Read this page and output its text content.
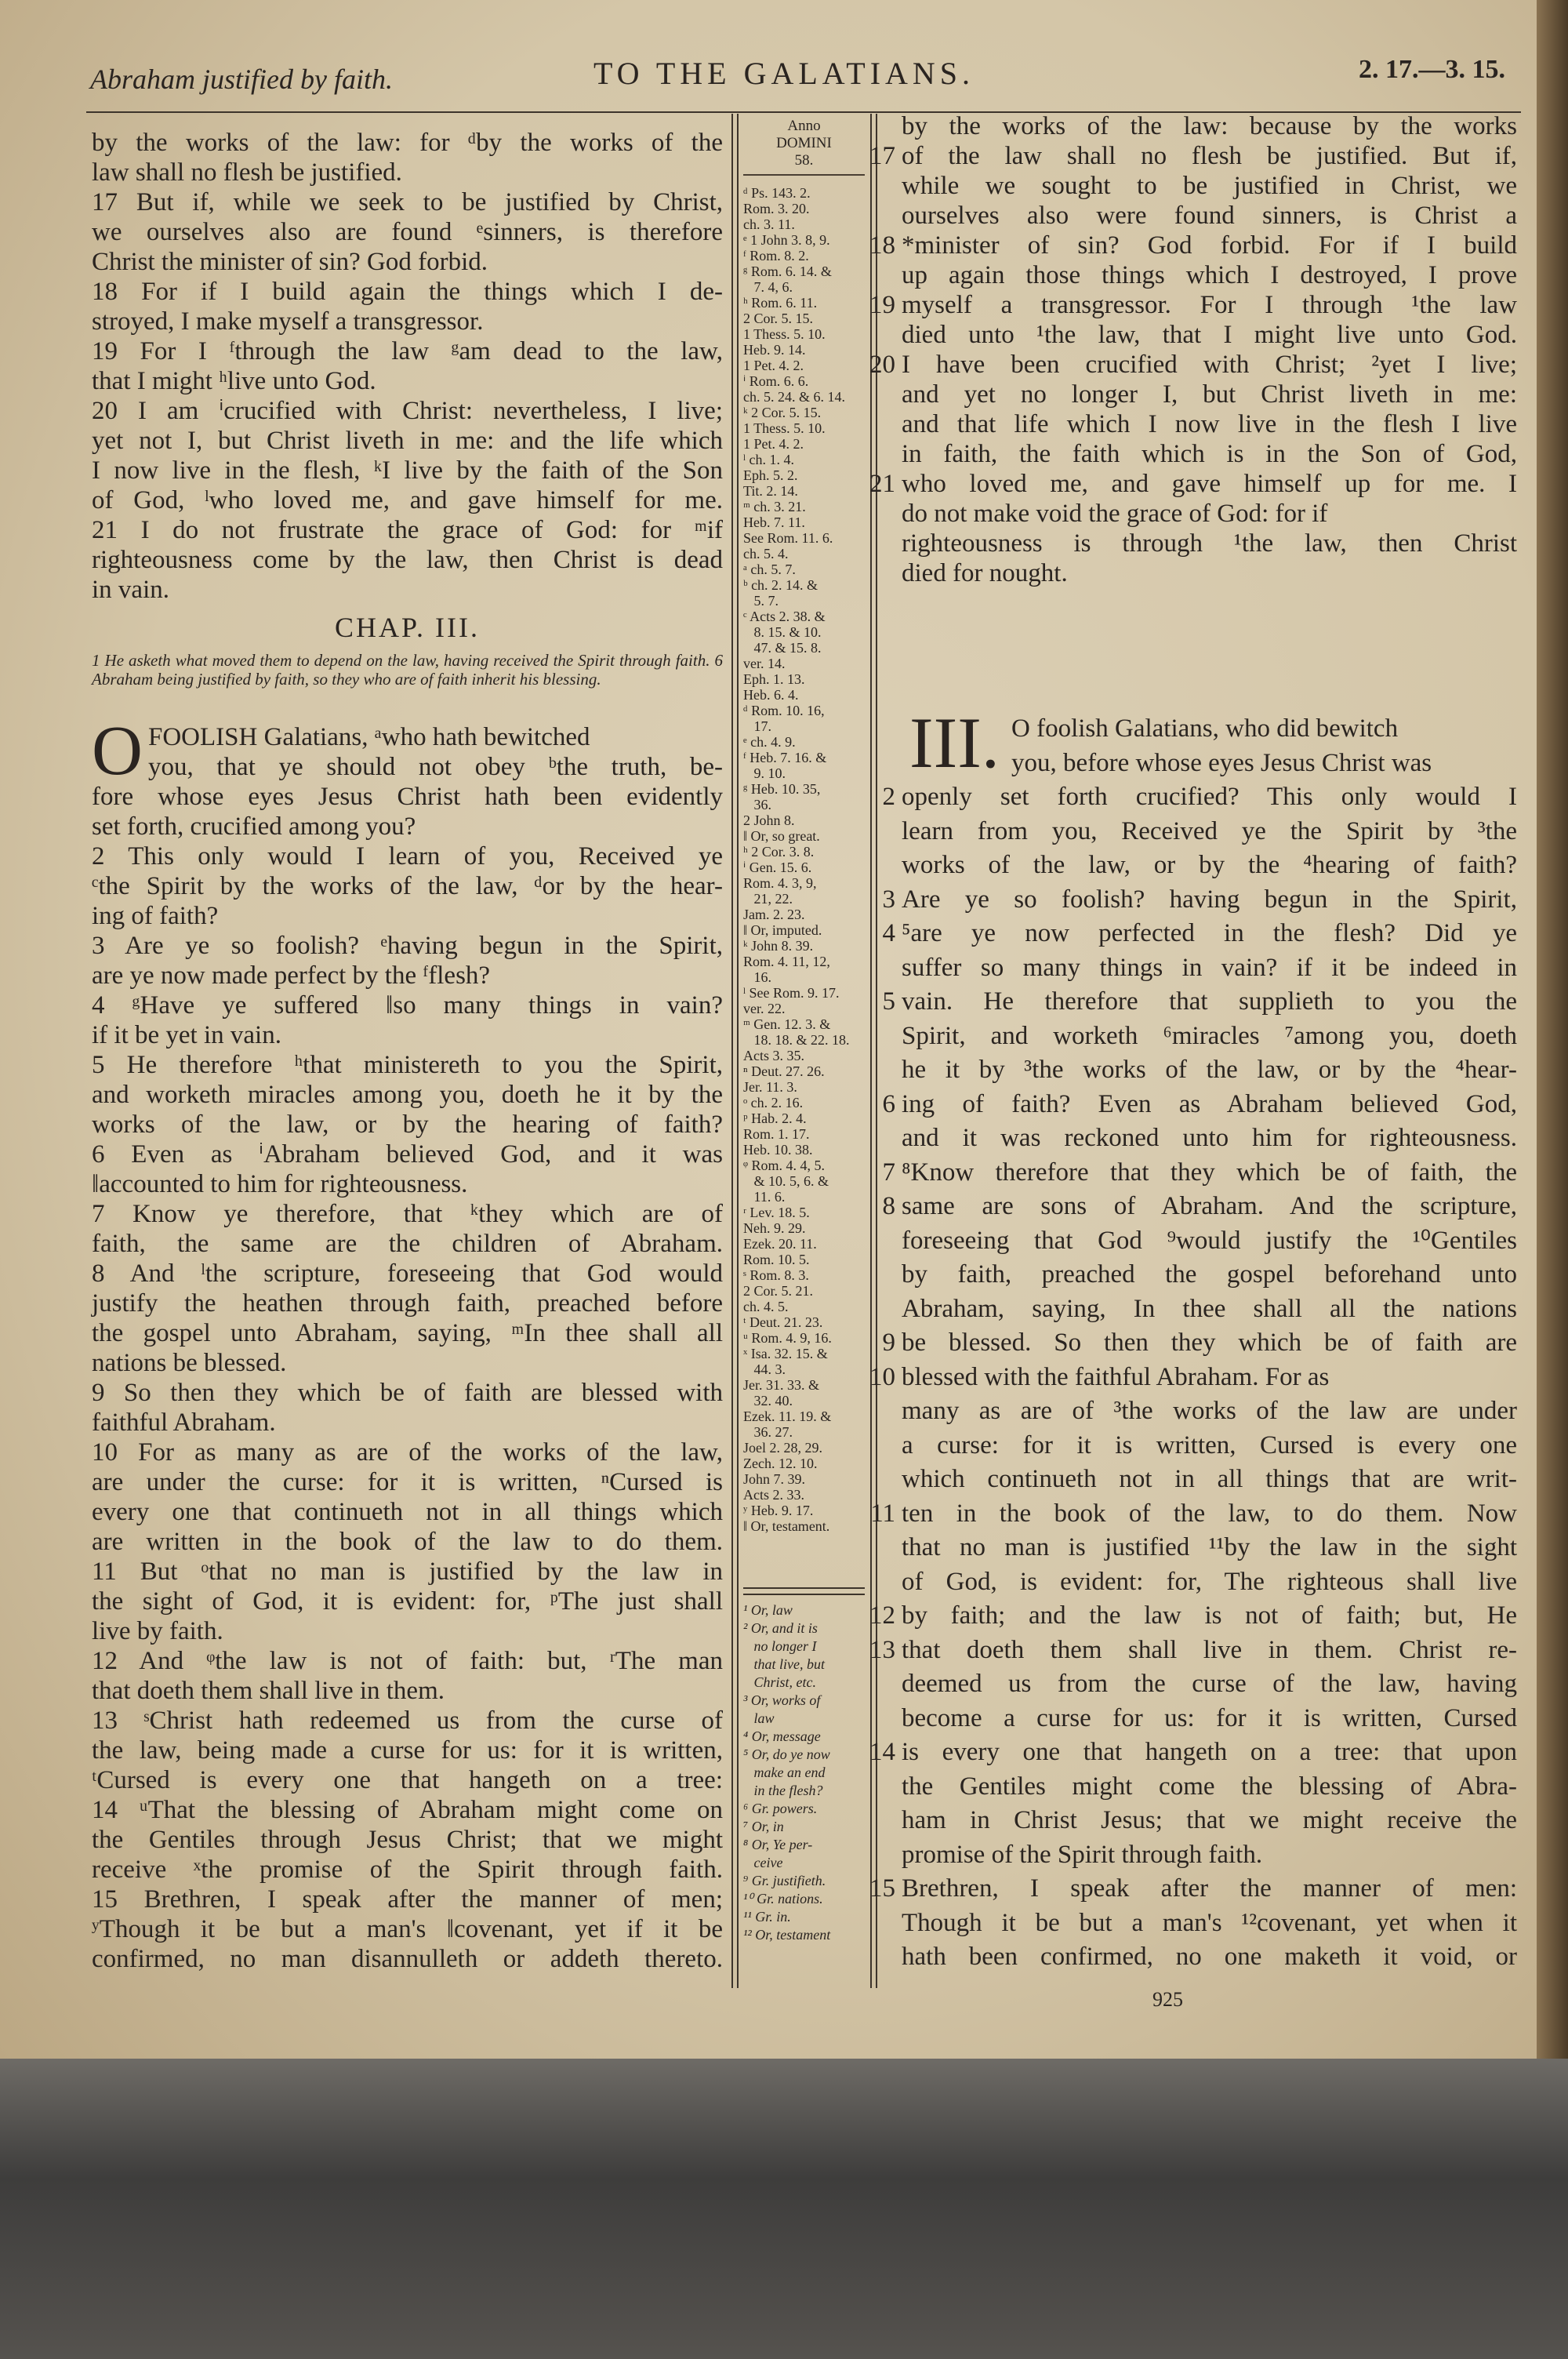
Abraham justified by faith.	TO THE GALATIANS.	2. 17.—3. 15.
by the works of the law: for ᵈby the works of the
law shall no flesh be justified.
17 But if, while we seek to be justified by Christ,
we ourselves also are found ᵉsinners, is therefore
Christ the minister of sin? God forbid.
18 For if I build again the things which I de-
stroyed, I make myself a transgressor.
19 For I ᶠthrough the law ᵍam dead to the law,
that I might ʰlive unto God.
20 I am ⁱcrucified with Christ: nevertheless, I live;
yet not I, but Christ liveth in me: and the life which
I now live in the flesh, ᵏI live by the faith of the Son
of God, ˡwho loved me, and gave himself for me.
21 I do not frustrate the grace of God: for ᵐif
righteousness come by the law, then Christ is dead
in vain.
CHAP. III.
1 He asketh what moved them to depend on the law, having received the Spirit through faith. 6 Abraham being justified by faith, so they who are of faith inherit his blessing.
O FOOLISH Galatians, ᵃwho hath bewitched
you, that ye should not obey ᵇthe truth, be-
fore whose eyes Jesus Christ hath been evidently
set forth, crucified among you?
2 This only would I learn of you, Received ye
ᶜthe Spirit by the works of the law, ᵈor by the hear-
ing of faith?
3 Are ye so foolish? ᵉhaving begun in the Spirit,
are ye now made perfect by the ᶠflesh?
4 ᵍHave ye suffered ‖so many things in vain?
if it be yet in vain.
5 He therefore ʰthat ministereth to you the Spirit,
and worketh miracles among you, doeth he it by the
works of the law, or by the hearing of faith?
6 Even as ⁱAbraham believed God, and it was
‖accounted to him for righteousness.
7 Know ye therefore, that ᵏthey which are of
faith, the same are the children of Abraham.
8 And ˡthe scripture, foreseeing that God would
justify the heathen through faith, preached before
the gospel unto Abraham, saying, ᵐIn thee shall all
nations be blessed.
9 So then they which be of faith are blessed with
faithful Abraham.
10 For as many as are of the works of the law,
are under the curse: for it is written, ⁿCursed is
every one that continueth not in all things which
are written in the book of the law to do them.
11 But ᵒthat no man is justified by the law in
the sight of God, it is evident: for, ᵖThe just shall
live by faith.
12 And ᵠthe law is not of faith: but, ʳThe man
that doeth them shall live in them.
13 ˢChrist hath redeemed us from the curse of
the law, being made a curse for us: for it is written,
ᵗCursed is every one that hangeth on a tree:
14 ᵘThat the blessing of Abraham might come on
the Gentiles through Jesus Christ; that we might
receive ˣthe promise of the Spirit through faith.
15 Brethren, I speak after the manner of men;
ʸThough it be but a man's ‖covenant, yet if it be
confirmed, no man disannulleth or addeth thereto.
Anno
DOMINI
58.
ᵈ Ps. 143. 2.
Rom. 3. 20.
ch. 3. 11.
ᵉ 1 John 3. 8, 9.
ᶠ Rom. 8. 2.
ᵍ Rom. 6. 14. &
7. 4, 6.
ʰ Rom. 6. 11.
2 Cor. 5. 15.
1 Thess. 5. 10.
Heb. 9. 14.
1 Pet. 4. 2.
ⁱ Rom. 6. 6.
ch. 5. 24. & 6. 14.
ᵏ 2 Cor. 5. 15.
1 Thess. 5. 10.
1 Pet. 4. 2.
ˡ ch. 1. 4.
Eph. 5. 2.
Tit. 2. 14.
ᵐ ch. 3. 21.
Heb. 7. 11.
See Rom. 11. 6.
ch. 5. 4.
ᵃ ch. 5. 7.
ᵇ ch. 2. 14. &
5. 7.
ᶜ Acts 2. 38. &
8. 15. & 10.
47. & 15. 8.
ver. 14.
Eph. 1. 13.
Heb. 6. 4.
ᵈ Rom. 10. 16,
17.
ᵉ ch. 4. 9.
ᶠ Heb. 7. 16. &
9. 10.
ᵍ Heb. 10. 35,
36.
2 John 8.
‖ Or, so great.
ʰ 2 Cor. 3. 8.
ⁱ Gen. 15. 6.
Rom. 4. 3, 9,
21, 22.
Jam. 2. 23.
‖ Or, imputed.
ᵏ John 8. 39.
Rom. 4. 11, 12,
16.
ˡ See Rom. 9. 17.
ver. 22.
ᵐ Gen. 12. 3. &
18. 18. & 22. 18.
Acts 3. 35.
ⁿ Deut. 27. 26.
Jer. 11. 3.
ᵒ ch. 2. 16.
ᵖ Hab. 2. 4.
Rom. 1. 17.
Heb. 10. 38.
ᵠ Rom. 4. 4, 5.
& 10. 5, 6. &
11. 6.
ʳ Lev. 18. 5.
Neh. 9. 29.
Ezek. 20. 11.
Rom. 10. 5.
ˢ Rom. 8. 3.
2 Cor. 5. 21.
ch. 4. 5.
ᵗ Deut. 21. 23.
ᵘ Rom. 4. 9, 16.
ˣ Isa. 32. 15. &
44. 3.
Jer. 31. 33. &
32. 40.
Ezek. 11. 19. &
36. 27.
Joel 2. 28, 29.
Zech. 12. 10.
John 7. 39.
Acts 2. 33.
ʸ Heb. 9. 17.
‖ Or, testament.
¹ Or, law
² Or, and it is
no longer I
that live, but
Christ, etc.
³ Or, works of
law
⁴ Or, message
⁵ Or, do ye now
make an end
in the flesh?
⁶ Gr. powers.
⁷ Or, in
⁸ Or, Ye per-
ceive
⁹ Gr. justifieth.
¹⁰ Gr. nations.
¹¹ Gr. in.
¹² Or, testament
by the works of the law: because by the works
17 of the law shall no flesh be justified. But if,
while we sought to be justified in Christ, we
ourselves also were found sinners, is Christ a
18 *minister of sin? God forbid. For if I build
up again those things which I destroyed, I prove
19 myself a transgressor. For I through ¹the law
died unto ¹the law, that I might live unto God.
20 I have been crucified with Christ; ²yet I live;
and yet no longer I, but Christ liveth in me:
and that life which I now live in the flesh I live
in faith, the faith which is in the Son of God,
21 who loved me, and gave himself up for me. I
do not make void the grace of God: for if
righteousness is through ¹the law, then Christ
died for nought.
III. O foolish Galatians, who did bewitch
you, before whose eyes Jesus Christ was
2 openly set forth crucified? This only would I
learn from you, Received ye the Spirit by ³the
works of the law, or by the ⁴hearing of faith?
3 Are ye so foolish? having begun in the Spirit,
4 ⁵are ye now perfected in the flesh? Did ye
suffer so many things in vain? if it be indeed in
5 vain. He therefore that supplieth to you the
Spirit, and worketh ⁶miracles ⁷among you, doeth
he it by ³the works of the law, or by the ⁴hear-
6 ing of faith? Even as Abraham believed God,
and it was reckoned unto him for righteousness.
7 ⁸Know therefore that they which be of faith, the
8 same are sons of Abraham. And the scripture,
foreseeing that God ⁹would justify the ¹⁰Gentiles
by faith, preached the gospel beforehand unto
Abraham, saying, In thee shall all the nations
9 be blessed. So then they which be of faith are
10 blessed with the faithful Abraham. For as
many as are of ³the works of the law are under
a curse: for it is written, Cursed is every one
which continueth not in all things that are writ-
11 ten in the book of the law, to do them. Now
that no man is justified ¹¹by the law in the sight
of God, is evident: for, The righteous shall live
12 by faith; and the law is not of faith; but, He
13 that doeth them shall live in them. Christ re-
deemed us from the curse of the law, having
become a curse for us: for it is written, Cursed
14 is every one that hangeth on a tree: that upon
the Gentiles might come the blessing of Abra-
ham in Christ Jesus; that we might receive the
promise of the Spirit through faith.
15 Brethren, I speak after the manner of men:
Though it be but a man's ¹²covenant, yet when it
hath been confirmed, no one maketh it void, or
925
